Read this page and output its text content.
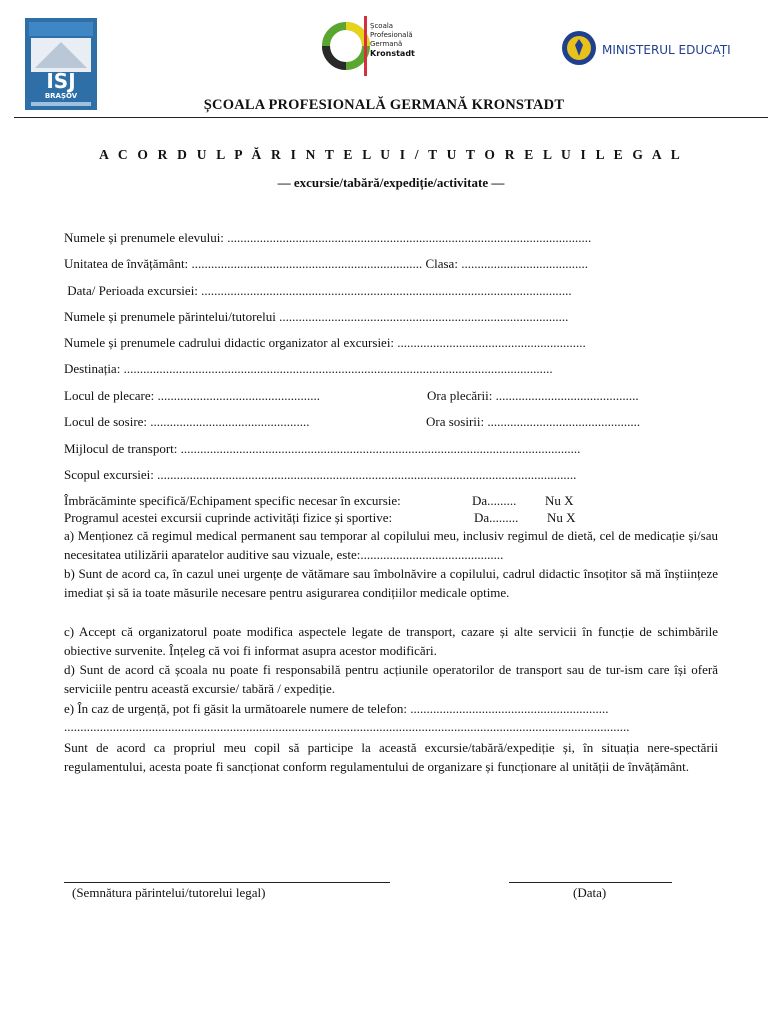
ISJ
BRAȘOV
Școala
Profesională
Germană
Kronstadt	MINISTERUL EDUCAȚIEI
ȘCOALA PROFESIONALĂ GERMANĂ KRONSTADT
A C O R D U L P Ă R I N T E L U I / T U T O R E L U I L E G A L
— excursie/tabără/expediție/activitate —
Numele și prenumele elevului: ................................................................................................................
Unitatea de învățământ: ....................................................................... Clasa: .......................................
Data/ Perioada excursiei: ..................................................................................................................
Numele și prenumele părintelui/tutorelui .........................................................................................
Numele și prenumele cadrului didactic organizator al excursiei: ..........................................................
Destinația: ....................................................................................................................................
Locul de plecare: ..................................................	Ora plecării: ............................................
Locul de sosire: .................................................	Ora sosirii: ...............................................
Mijlocul de transport: ...........................................................................................................................
Scopul excursiei: .................................................................................................................................
Îmbrăcăminte specifică/Echipament specific necesar în excursie:	Da......... Nu X
Programul acestei excursii cuprinde activități fizice și sportive:	Da......... Nu X
a) Menționez că regimul medical permanent sau temporar al copilului meu, inclusiv regimul de dietă, cel de medicație și/sau necesitatea utilizării aparatelor auditive sau vizuale, este:............................................
b) Sunt de acord ca, în cazul unei urgențe de vătămare sau îmbolnăvire a copilului, cadrul didactic însoțitor să mă înștiințeze imediat și să ia toate măsurile necesare pentru asigurarea condițiilor medicale optime.
c) Accept că organizatorul poate modifica aspectele legate de transport, cazare și alte servicii în funcție de schimbările obiective survenite. Înțeleg că voi fi informat asupra acestor modificări.
d) Sunt de acord că școala nu poate fi responsabilă pentru acțiunile operatorilor de transport sau de tur-ism care își oferă serviciile pentru această excursie/ tabără / expediție.
e) În caz de urgență, pot fi găsit la următoarele numere de telefon: .............................................................
..............................................................................................................................................................................
Sunt de acord ca propriul meu copil să participe la această excursie/tabără/expediție și, în situația nere-spectării regulamentului, acesta poate fi sancționat conform regulamentului de organizare și funcționare al unității de învățământ.
(Semnătura părintelui/tutorelui legal)	(Data)
